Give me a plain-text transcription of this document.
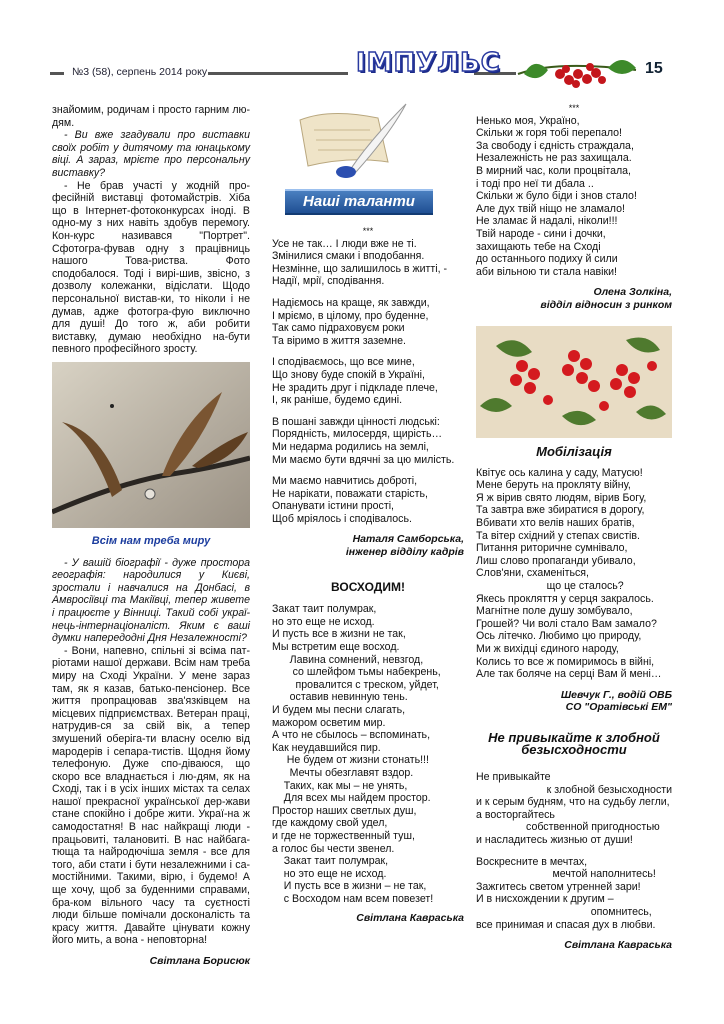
№3 (58), серпень 2014 року	ІМПУЛЬС	15

знайомим, родичам і просто гарним лю-дям.

- Ви вже згадували про виставки своїх робіт у дитячому та юнацькому віці. А зараз, мрієте про персональну виставку?

- Не брав участі у жодній про-фесійній виставці фотомайстрів. Хіба що в Інтернет-фотоконкурсах іноді. В одно-му з них навіть здобув перемогу. Кон-курс називався "Портрет". Сфотогра-фував одну з працівниць нашого Това-риства. Фото сподобалося. Тоді і вирі-шив, звісно, з дозволу колежанки, відіслати. Щодо персональної вистав-ки, то ніколи і не думав, адже фотогра-фую виключно для душі! До того ж, аби робити виставку, думаю необхідно на-бути певного професійного зросту.

Всім нам треба миру

- У вашій біографії - дуже простора географія: народилися у Києві, зростали і навчалися на Донбасі, в Амвросіївці та Макіївці, тепер живете і працюєте у Вінниці. Такий собі украї-нець-інтернаціоналіст. Яким є ваші думки напередодні Дня Незалежності?

- Вони, напевно, спільні зі всіма пат-ріотами нашої держави. Всім нам треба миру на Сході України. У мене зараз там, як я казав, батько-пенсіонер. Все життя пропрацював зва'язківцем на місцевих підприємствах. Ветеран праці, натрудив-ся за свій вік, а тепер змушений оберіга-ти власну оселю від мародерів і сепара-тистів. Щодня йому телефоную. Дуже спо-діваюся, що скоро все владнається і лю-дям, як на Сході, так і в усіх інших містах та селах нашої прекрасної української дер-жави стане спокійно і добре жити. Украї-на ж самодостатня! В нас найкращі люди - працьовиті, талановиті. В нас найбага-тюща та найродючіша земля - все для того, аби стати і бути незалежними і са-мостійними. Такими, вірю, і будемо! А ще хочу, щоб за буденними справами, бра-ком вільного часу та суєтності люди більше помічали досконалість та красу життя. Давайте цінувати кожну його мить, а вона - неповторна!

Світлана Борисюк
Наші таланти
***
Усе не так… І люди вже не ті.
Змінилися смаки і вподобання.
Незмінне, що залишилось в житті, -
Надії, мрії, сподівання.

Надіємось на краще, як завжди,
І мріємо, в цілому, про буденне,
Так само підраховуєм роки
Та віримо в життя заземне.

І сподіваємось, що все мине,
Що знову буде спокій в Україні,
Не зрадить друг і підкладе плече,
І, як раніше, будемо єдині.

В пошані завжди цінності людські:
Порядність, милосердя, щирість…
Ми недарма родились на землі,
Ми маємо бути вдячні за цю милість.

Ми маємо навчитись доброті,
Не нарікати, поважати старість,
Опанувати істини прості,
Щоб мріялось і сподівалось.
Наталя Самборська,
інженер відділу кадрів
ВОСХОДИМ!
Закат таит полумрак,
но это еще не исход.
И пусть все в жизни не так,
Мы встретим еще восход.
Лавина сомнений, невзгод,
со шлейфом тьмы набекрень,
провалится с треском, уйдет,
оставив невинную тень.
И будем мы песни слагать,
мажором осветим мир.
А что не сбылось – вспоминать,
Как неудавшийся пир.
Не будем от жизни стонать!!!
Мечты обезглавят вздор.
Таких, как мы – не унять,
Для всех мы найдем простор.
Простор наших светлых душ,
где каждому свой удел,
и где не торжественный туш,
а голос бы чести звенел.
Закат таит полумрак,
но это еще не исход.
И пусть все в жизни – не так,
с Восходом нам всем повезет!
Світлана Кавраська
***
Ненько моя, Україно,
Скільки ж горя тобі перепало!
За свободу і єдність страждала,
Незалежність не раз захищала.
В мирний час, коли процвітала,
і тоді про неї ти дбала ..
Скільки ж було біди і знов стало!
Але дух твій ніщо не зламало!
Не зламає й надалі, ніколи!!!
Твій народе - сини і дочки,
захищають тебе на Сході
до останнього подиху й сили
аби вільною ти стала навіки!
Олена Золкіна,
відділ відносин з ринком
Мобілізація
Квітує ось калина у саду, Матусю!
Мене беруть на прокляту війну,
Я ж вірив свято людям, вірив Богу,
Та завтра вже збиратися в дорогу,
Вбивати хто велів наших братів,
Та вітер східний у степах свистів.
Питання риторичне сумнівало,
Лиш слово пропаганди убивало,
Слов'яни, схаменіться,
що це сталось?
Якесь прокляття у серця закралось.
Магнітне поле душу зомбувало,
Грошей? Чи волі стало Вам замало?
Ось літечко. Любимо цю природу,
Ми ж вихідці єдиного народу,
Колись то все ж помиримось в війні,
Але так боляче на серці Вам й мені…
Шевчук Г., водій ОВБ
СО "Оратівські ЕМ"
Не привыкайте к злобной
безысходности
Не привыкайте
к злобной безысходности
и к серым будням, что на судьбу легли,
а восторгайтесь
собственной пригодностью
и насладитесь жизнью от души!

Воскресните в мечтах,
мечтой наполнитесь!
Зажгитесь светом утренней зари!
И в нисхождении к другим –
опомнитесь,
все принимая и спасая дух в любви.
Світлана Кавраська
